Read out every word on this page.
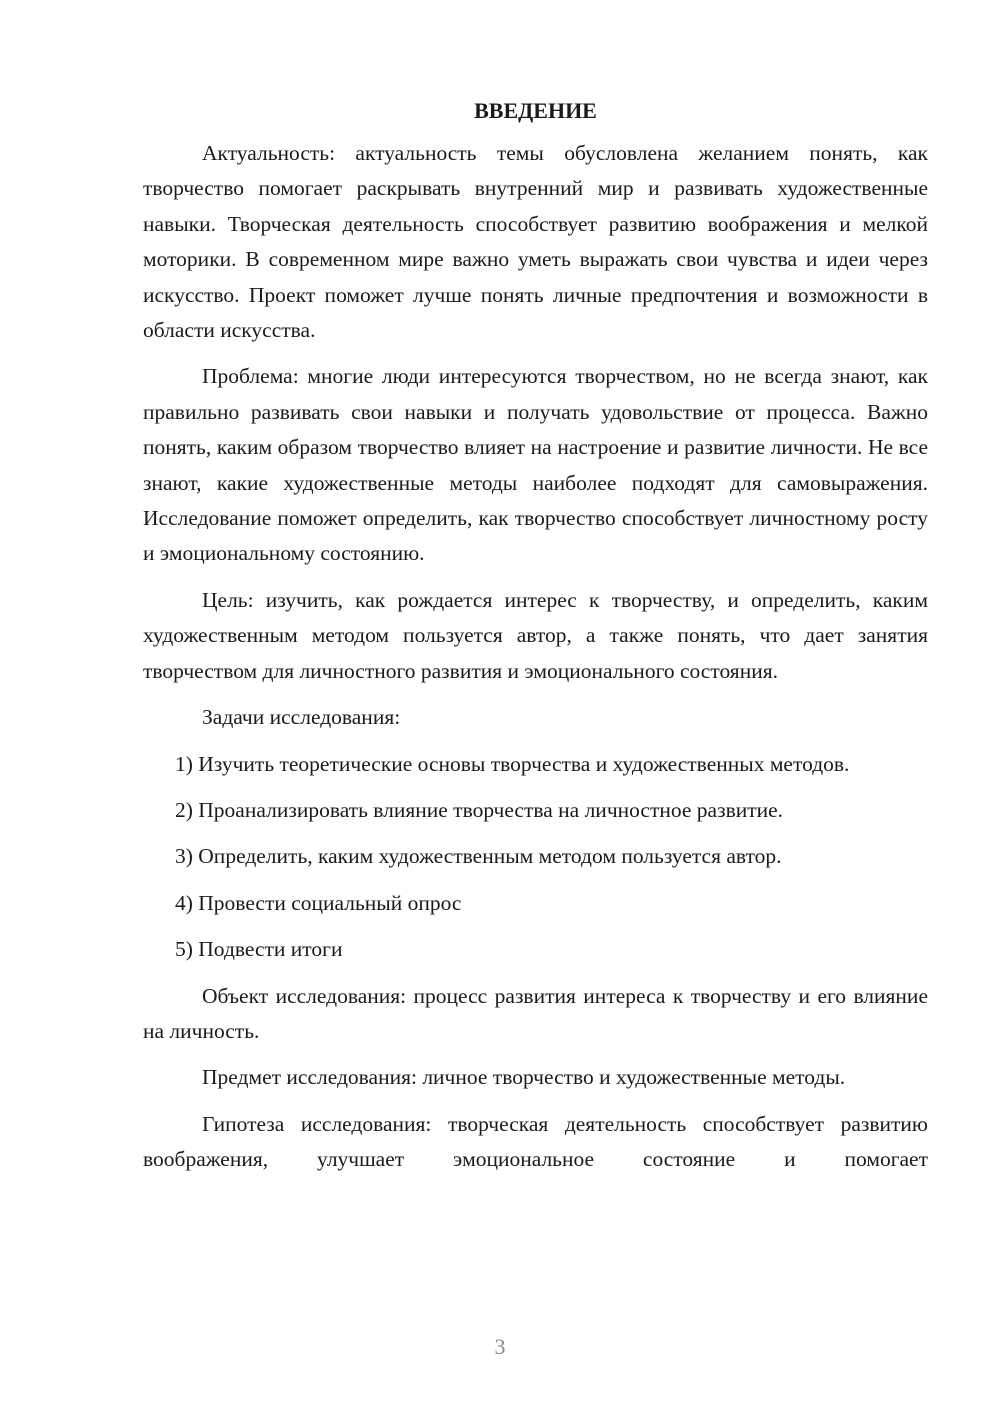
ВВЕДЕНИЕ

Актуальность: актуальность темы обусловлена желанием понять, как творчество помогает раскрывать внутренний мир и развивать художественные навыки. Творческая деятельность способствует развитию воображения и мелкой моторики. В современном мире важно уметь выражать свои чувства и идеи через искусство. Проект поможет лучше понять личные предпочтения и возможности в области искусства.

Проблема: многие люди интересуются творчеством, но не всегда знают, как правильно развивать свои навыки и получать удовольствие от процесса. Важно понять, каким образом творчество влияет на настроение и развитие личности. Не все знают, какие художественные методы наиболее подходят для самовыражения. Исследование поможет определить, как творчество способствует личностному росту и эмоциональному состоянию.

Цель: изучить, как рождается интерес к творчеству, и определить, каким художественным методом пользуется автор, а также понять, что дает занятия творчеством для личностного развития и эмоционального состояния.

Задачи исследования:

1) Изучить теоретические основы творчества и художественных методов.

2) Проанализировать влияние творчества на личностное развитие.

3) Определить, каким художественным методом пользуется автор.

4) Провести социальный опрос

5) Подвести итоги

Объект исследования: процесс развития интереса к творчеству и его влияние на личность.

Предмет исследования: личное творчество и художественные методы.

Гипотеза исследования: творческая деятельность способствует развитию воображения, улучшает эмоциональное состояние и помогает

3
